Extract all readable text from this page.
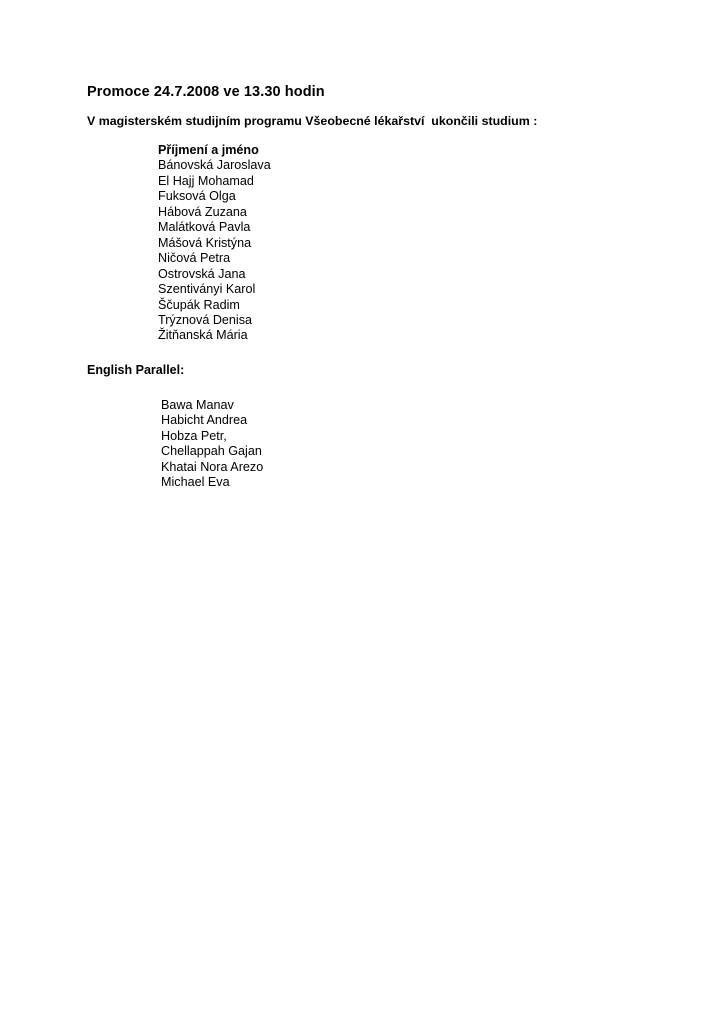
Promoce 24.7.2008 ve 13.30 hodin
V magisterském studijním programu Všeobecné lékařství  ukončili studium :
Příjmení a jméno
Bánovská Jaroslava
El Hajj Mohamad
Fuksová Olga
Hábová Zuzana
Malátková Pavla
Mášová Kristýna
Ničová Petra
Ostrovská Jana
Szentiványi Karol
Ščupák Radim
Trýznová Denisa
Žitňanská Mária
English Parallel:
Bawa Manav
Habicht Andrea
Hobza Petr,
Chellappah Gajan
Khatai Nora Arezo
Michael Eva
